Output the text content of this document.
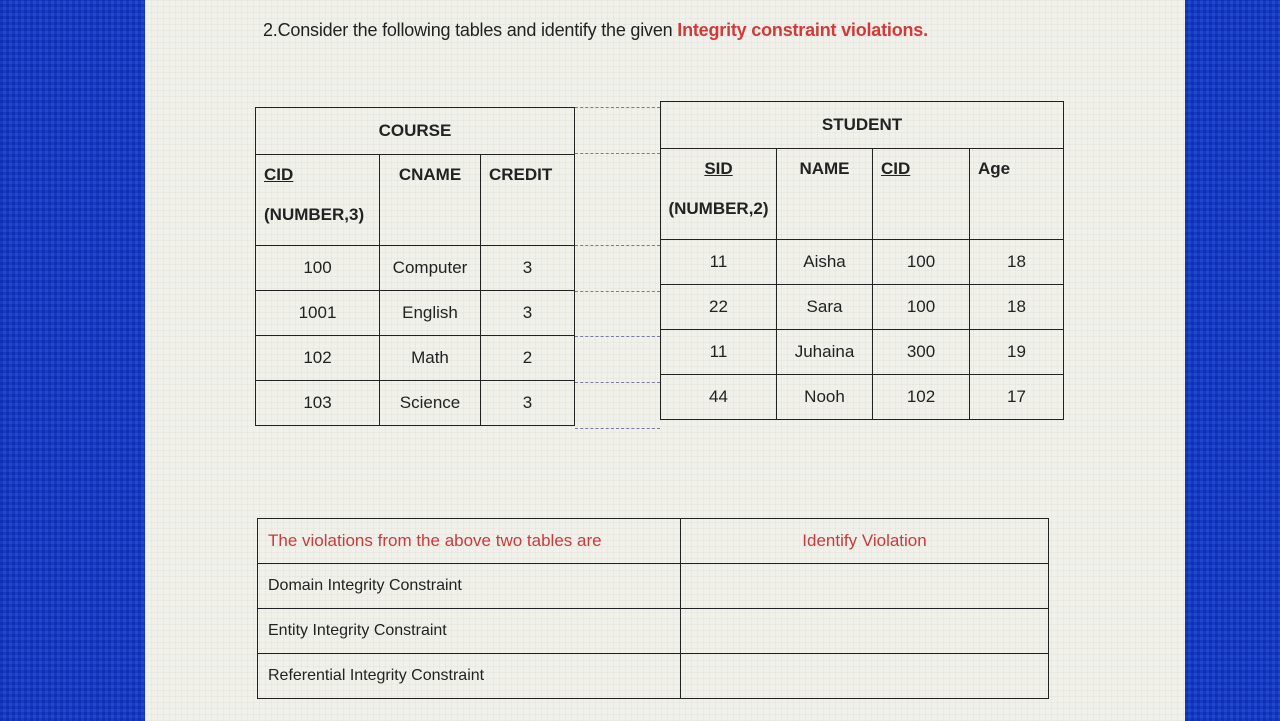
2.Consider the following tables and identify the given Integrity constraint violations.
COURSE		

CID
(NUMBER,3)	CNAME	CREDIT

100	Computer	3
1001	English	3
102	Math	2
103	Science	3
STUDENT			

SID
(NUMBER,2)	NAME	CID	Age

11	Aisha	100	18
22	Sara	100	18
11	Juhaina	300	19
44	Nooh	102	17
The violations from the above two tables are	Identify Violation
Domain Integrity Constraint	
Entity Integrity Constraint	
Referential Integrity Constraint	
